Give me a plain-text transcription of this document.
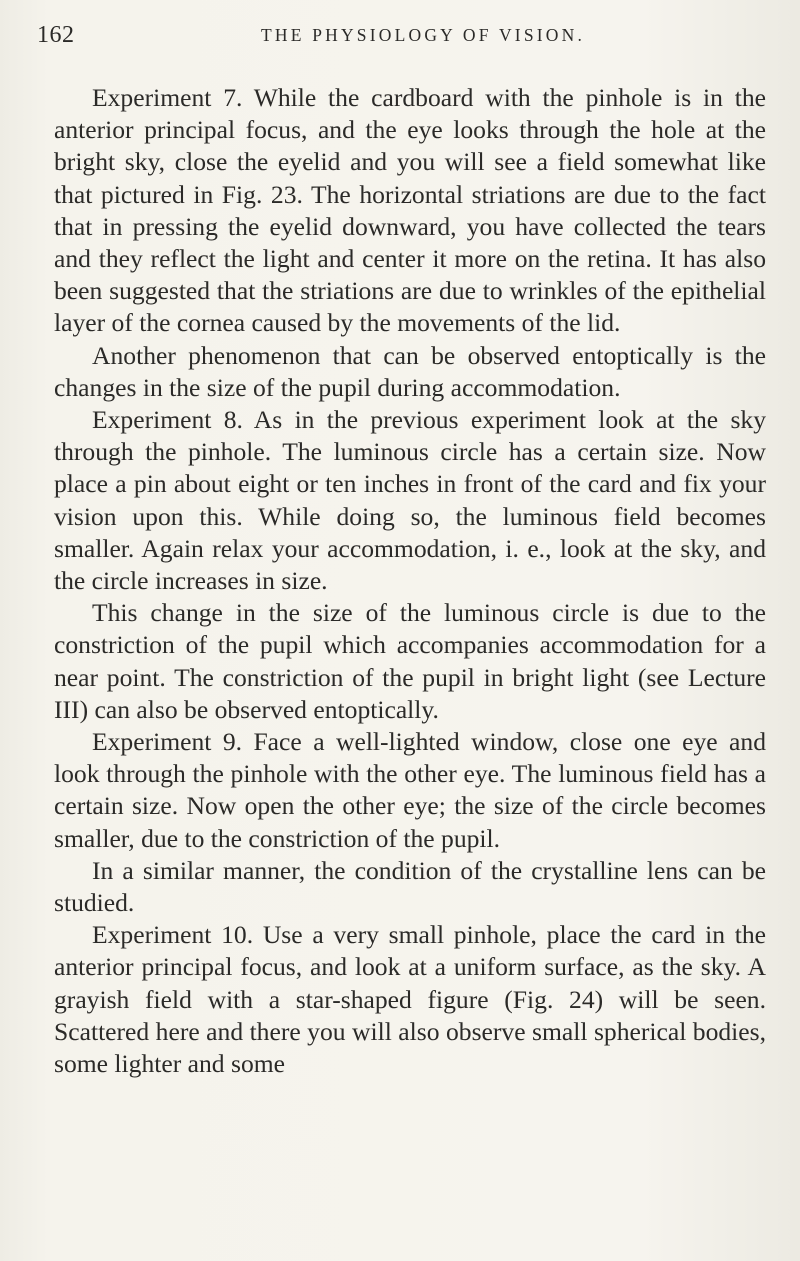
162	THE PHYSIOLOGY OF VISION.

Experiment 7. While the cardboard with the pinhole is in the anterior principal focus, and the eye looks through the hole at the bright sky, close the eyelid and you will see a field somewhat like that pictured in Fig. 23. The horizontal striations are due to the fact that in pressing the eyelid downward, you have collected the tears and they reflect the light and center it more on the retina. It has also been suggested that the striations are due to wrinkles of the epithelial layer of the cornea caused by the movements of the lid.

Another phenomenon that can be observed entoptically is the changes in the size of the pupil during accommodation.

Experiment 8. As in the previous experiment look at the sky through the pinhole. The luminous circle has a certain size. Now place a pin about eight or ten inches in front of the card and fix your vision upon this. While doing so, the luminous field becomes smaller. Again relax your accommodation, i. e., look at the sky, and the circle increases in size.

This change in the size of the luminous circle is due to the constriction of the pupil which accompanies accommodation for a near point. The constriction of the pupil in bright light (see Lecture III) can also be observed entoptically.

Experiment 9. Face a well-lighted window, close one eye and look through the pinhole with the other eye. The luminous field has a certain size. Now open the other eye; the size of the circle becomes smaller, due to the constriction of the pupil.

In a similar manner, the condition of the crystalline lens can be studied.

Experiment 10. Use a very small pinhole, place the card in the anterior principal focus, and look at a uniform surface, as the sky. A grayish field with a star-shaped figure (Fig. 24) will be seen. Scattered here and there you will also observe small spherical bodies, some lighter and some
